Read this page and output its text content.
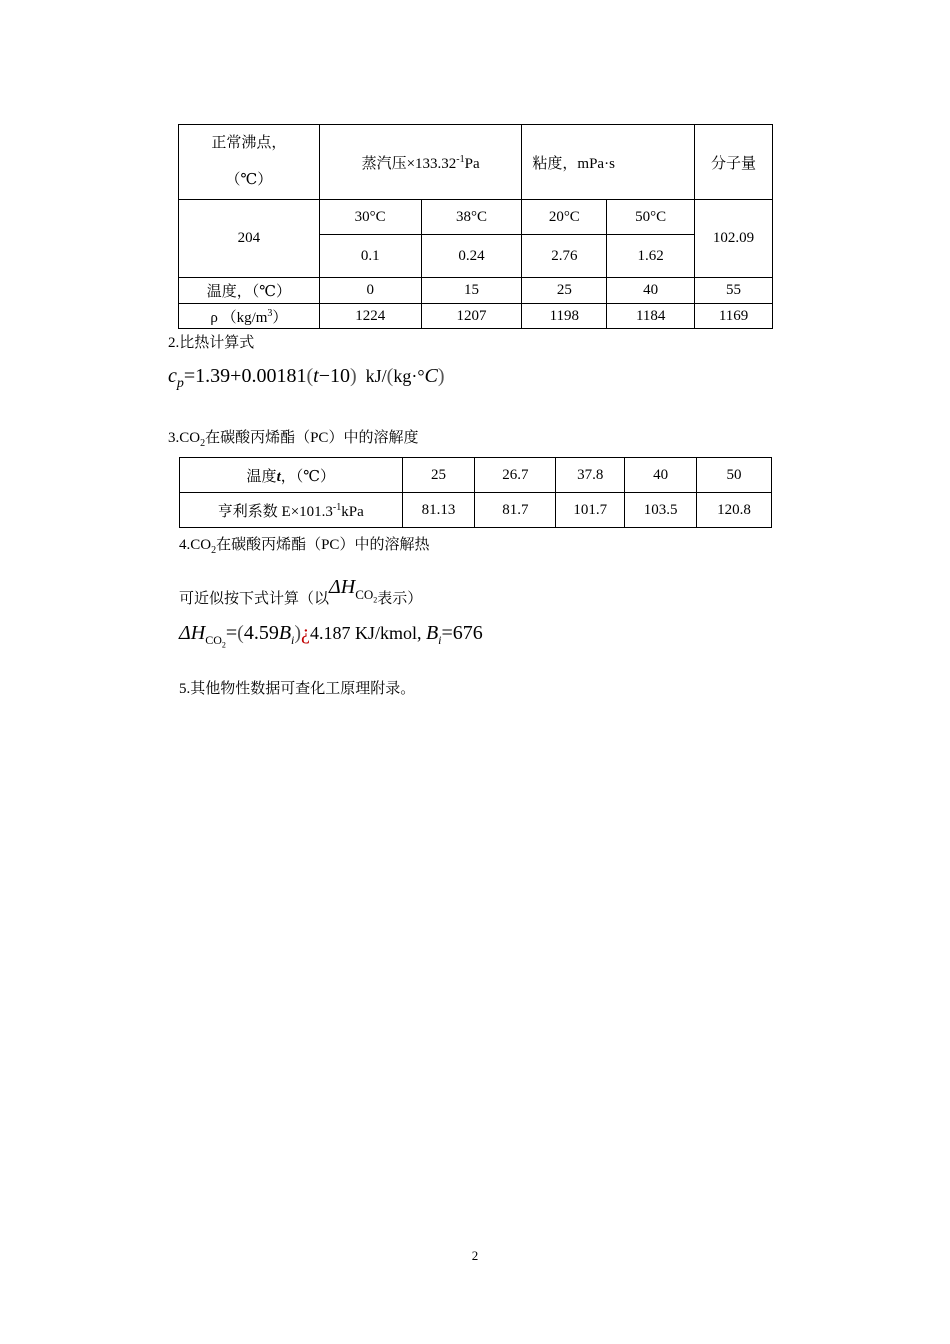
正常沸点，
（℃）	蒸汽压$\times 133.32^{-1}Pa$		粘度，mPa·s		分子量
204	30°C	38°C	20°C	50°C	102.09
	0.1	0.24	2.76	1.62	
温度，（℃）	0	15	25	40	55
ρ $(kg/m^3)$	1224	1207	1198	1184	1169
2.比热计算式
$c_p=1.39+0.00181(t-10)$  kJ/(kg·°C)
$3.CO_2$在碳酸丙烯酯（PC）中的溶解度
温度t，（℃）	25	26.7	37.8	40	50
亨利系数 $E\times 101.3^{-1}kPa$	81.13	81.7	101.7	103.5	120.8
$4.CO_2$在碳酸丙烯酯（PC）中的溶解热
可近似按下式计算（以$\Delta HCO_2$表示）
$\Delta H_{CO_2}=(4.59B_i)¿4.187$ KJ/kmol, $B_i=676$
5.其他物性数据可查化工原理附录。
2
